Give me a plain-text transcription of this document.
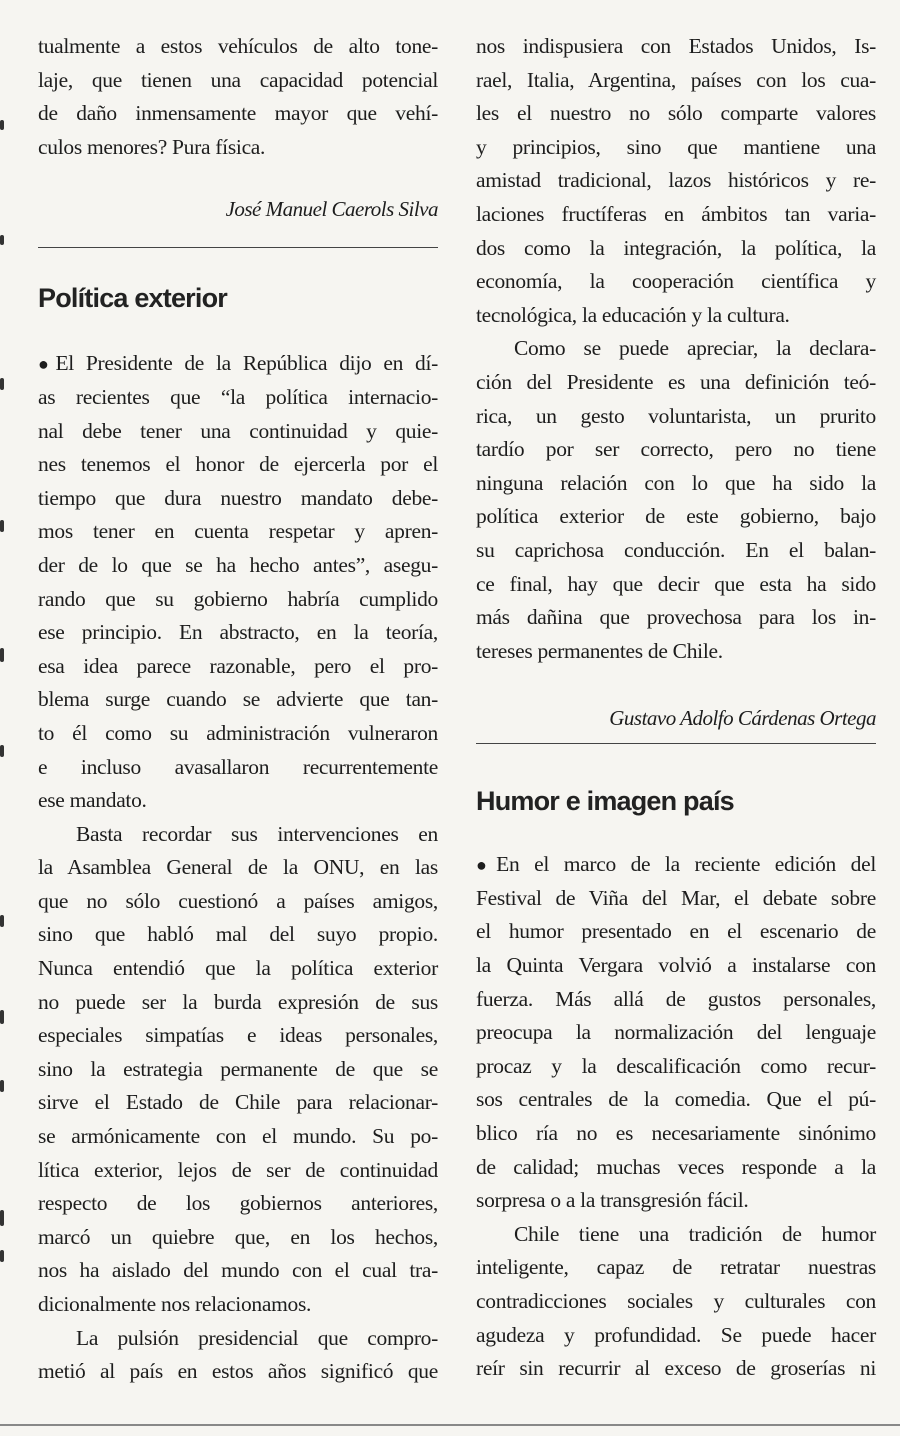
tualmente a estos vehículos de alto tone-
laje, que tienen una capacidad potencial
de daño inmensamente mayor que vehí-
culos menores? Pura física.
José Manuel Caerols Silva
Política exterior
●El Presidente de la República dijo en dí-
as recientes que “la política internacio-
nal debe tener una continuidad y quie-
nes tenemos el honor de ejercerla por el
tiempo que dura nuestro mandato debe-
mos tener en cuenta respetar y apren-
der de lo que se ha hecho antes”, asegu-
rando que su gobierno habría cumplido
ese principio. En abstracto, en la teoría,
esa idea parece razonable, pero el pro-
blema surge cuando se advierte que tan-
to él como su administración vulneraron
e incluso avasallaron recurrentemente
ese mandato.
Basta recordar sus intervenciones en
la Asamblea General de la ONU, en las
que no sólo cuestionó a países amigos,
sino que habló mal del suyo propio.
Nunca entendió que la política exterior
no puede ser la burda expresión de sus
especiales simpatías e ideas personales,
sino la estrategia permanente de que se
sirve el Estado de Chile para relacionar-
se armónicamente con el mundo. Su po-
lítica exterior, lejos de ser de continuidad
respecto de los gobiernos anteriores,
marcó un quiebre que, en los hechos,
nos ha aislado del mundo con el cual tra-
dicionalmente nos relacionamos.
La pulsión presidencial que compro-
metió al país en estos años significó que
nos indispusiera con Estados Unidos, Is-
rael, Italia, Argentina, países con los cua-
les el nuestro no sólo comparte valores
y principios, sino que mantiene una
amistad tradicional, lazos históricos y re-
laciones fructíferas en ámbitos tan varia-
dos como la integración, la política, la
economía, la cooperación científica y
tecnológica, la educación y la cultura.
Como se puede apreciar, la declara-
ción del Presidente es una definición teó-
rica, un gesto voluntarista, un prurito
tardío por ser correcto, pero no tiene
ninguna relación con lo que ha sido la
política exterior de este gobierno, bajo
su caprichosa conducción. En el balan-
ce final, hay que decir que esta ha sido
más dañina que provechosa para los in-
tereses permanentes de Chile.
Gustavo Adolfo Cárdenas Ortega
Humor e imagen país
●En el marco de la reciente edición del
Festival de Viña del Mar, el debate sobre
el humor presentado en el escenario de
la Quinta Vergara volvió a instalarse con
fuerza. Más allá de gustos personales,
preocupa la normalización del lenguaje
procaz y la descalificación como recur-
sos centrales de la comedia. Que el pú-
blico ría no es necesariamente sinónimo
de calidad; muchas veces responde a la
sorpresa o a la transgresión fácil.
Chile tiene una tradición de humor
inteligente, capaz de retratar nuestras
contradicciones sociales y culturales con
agudeza y profundidad. Se puede hacer
reír sin recurrir al exceso de groserías ni
